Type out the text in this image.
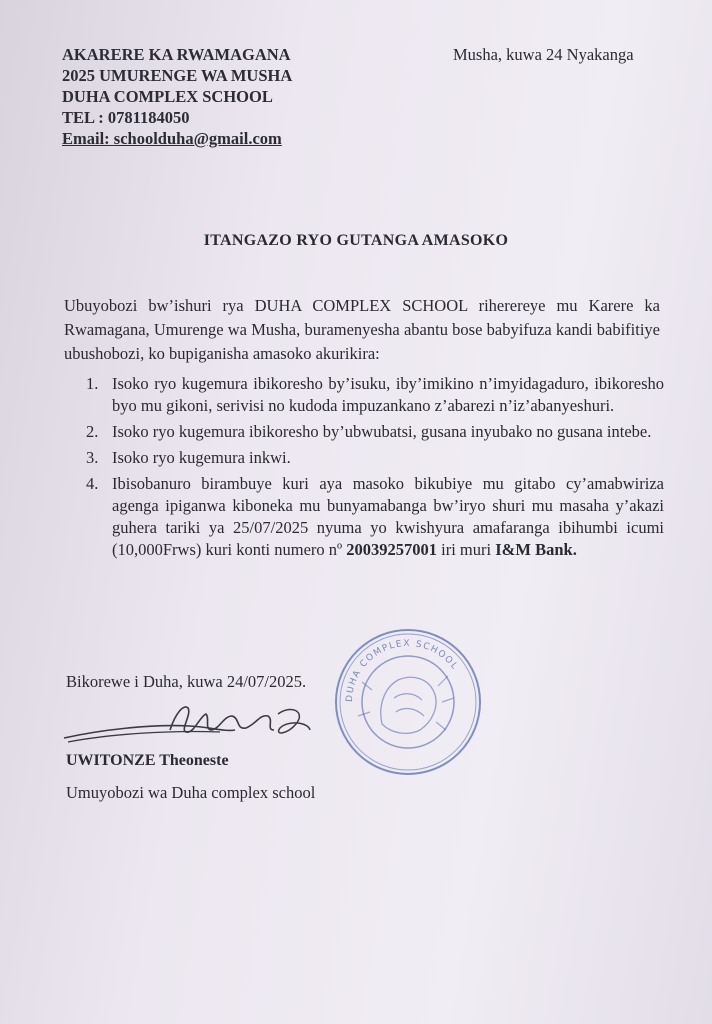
AKARERE KA RWAMAGANA
2025 UMURENGE WA MUSHA
DUHA COMPLEX SCHOOL
TEL : 0781184050
Email: schoolduha@gmail.com
Musha, kuwa 24 Nyakanga
ITANGAZO RYO GUTANGA AMASOKO
Ubuyobozi bw’ishuri rya DUHA COMPLEX SCHOOL riherereye mu Karere ka Rwamagana, Umurenge wa Musha, buramenyesha abantu bose babyifuza kandi babifitiye ubushobozi, ko bupiganisha amasoko akurikira:
1. Isoko ryo kugemura ibikoresho by’isuku, iby’imikino n’imyidagaduro, ibikoresho byo mu gikoni, serivisi no kudoda impuzankano z’abarezi n’iz’abanyeshuri.
2. Isoko ryo kugemura ibikoresho by’ubwubatsi, gusana inyubako no gusana intebe.
3. Isoko ryo kugemura inkwi.
4. Ibisobanuro birambuye kuri aya masoko bikubiye mu gitabo cy’amabwiriza agenga ipiganwa kiboneka mu bunyamabanga bw’iryo shuri mu masaha y’akazi guhera tariki ya 25/07/2025 nyuma yo kwishyura amafaranga ibihumbi icumi (10,000Frws) kuri konti numero nº 20039257001 iri muri I&M Bank.
Bikorewe i Duha, kuwa 24/07/2025.
UWITONZE Theoneste
Umuyobozi wa Duha complex school
DUHA COMPLEX SCHOOL
